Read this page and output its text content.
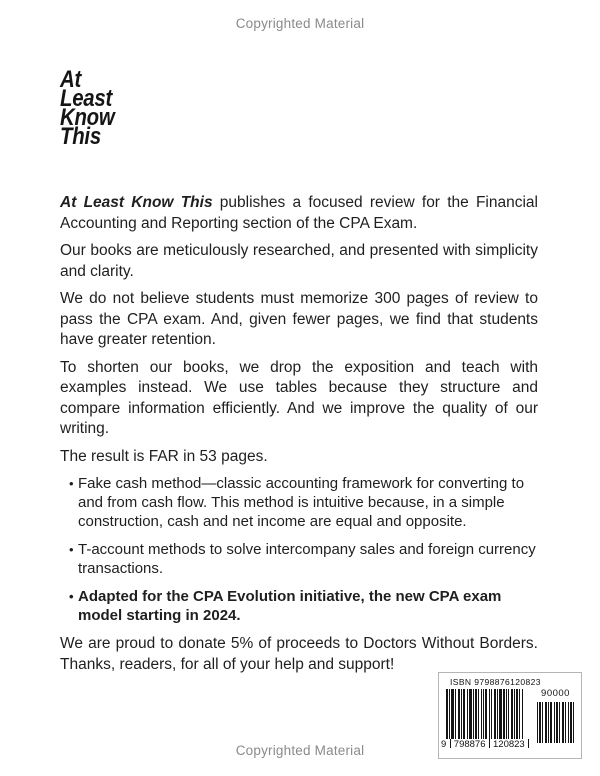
Copyrighted Material
At
Least
Know
This

At Least Know This publishes a focused review for the Financial Accounting and Reporting section of the CPA Exam.

Our books are meticulously researched, and presented with simplicity and clarity.

We do not believe students must memorize 300 pages of review to pass the CPA exam. And, given fewer pages, we find that students have greater retention.

To shorten our books, we drop the exposition and teach with examples instead. We use tables because they structure and compare information efficiently. And we improve the quality of our writing.

The result is FAR in 53 pages.

• Fake cash method—classic accounting framework for converting to and from cash flow. This method is intuitive because, in a simple construction, cash and net income are equal and opposite.
• T-account methods to solve intercompany sales and foreign currency transactions.
• Adapted for the CPA Evolution initiative, the new CPA exam model starting in 2024.

We are proud to donate 5% of proceeds to Doctors Without Borders. Thanks, readers, for all of your help and support!

ISBN 9798876120823
9 798876 120823
90000
Copyrighted Material
